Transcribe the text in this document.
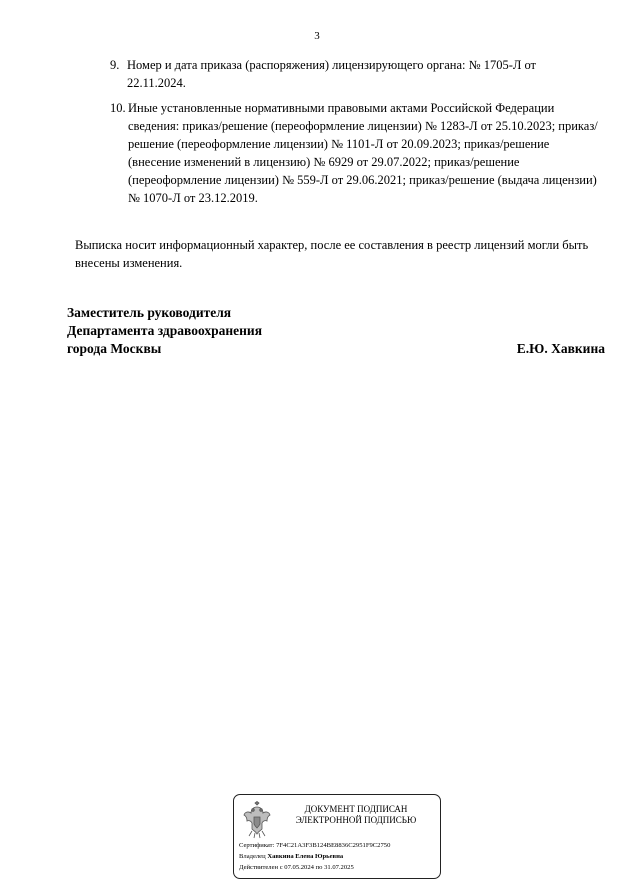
3
9. Номер и дата приказа (распоряжения) лицензирующего органа: № 1705-Л от 22.11.2024.
10. Иные установленные нормативными правовыми актами Российской Федерации сведения: приказ/решение (переоформление лицензии) № 1283-Л от 25.10.2023; приказ/решение (переоформление лицензии) № 1101-Л от 20.09.2023; приказ/решение (внесение изменений в лицензию) № 6929 от 29.07.2022; приказ/решение (переоформление лицензии) № 559-Л от 29.06.2021; приказ/решение (выдача лицензии) № 1070-Л от 23.12.2019.
Выписка носит информационный характер, после ее составления в реестр лицензий могли быть внесены изменения.
Заместитель руководителя
Департамента здравоохранения
города Москвы	Е.Ю. Хавкина
ДОКУМЕНТ ПОДПИСАН
ЭЛЕКТРОННОЙ ПОДПИСЬЮ
Сертификат: 7F4C21A3F3B124BE8836C2951F9C2750
Владелец Хавкина Елена Юрьевна
Действителен с 07.05.2024 по 31.07.2025
